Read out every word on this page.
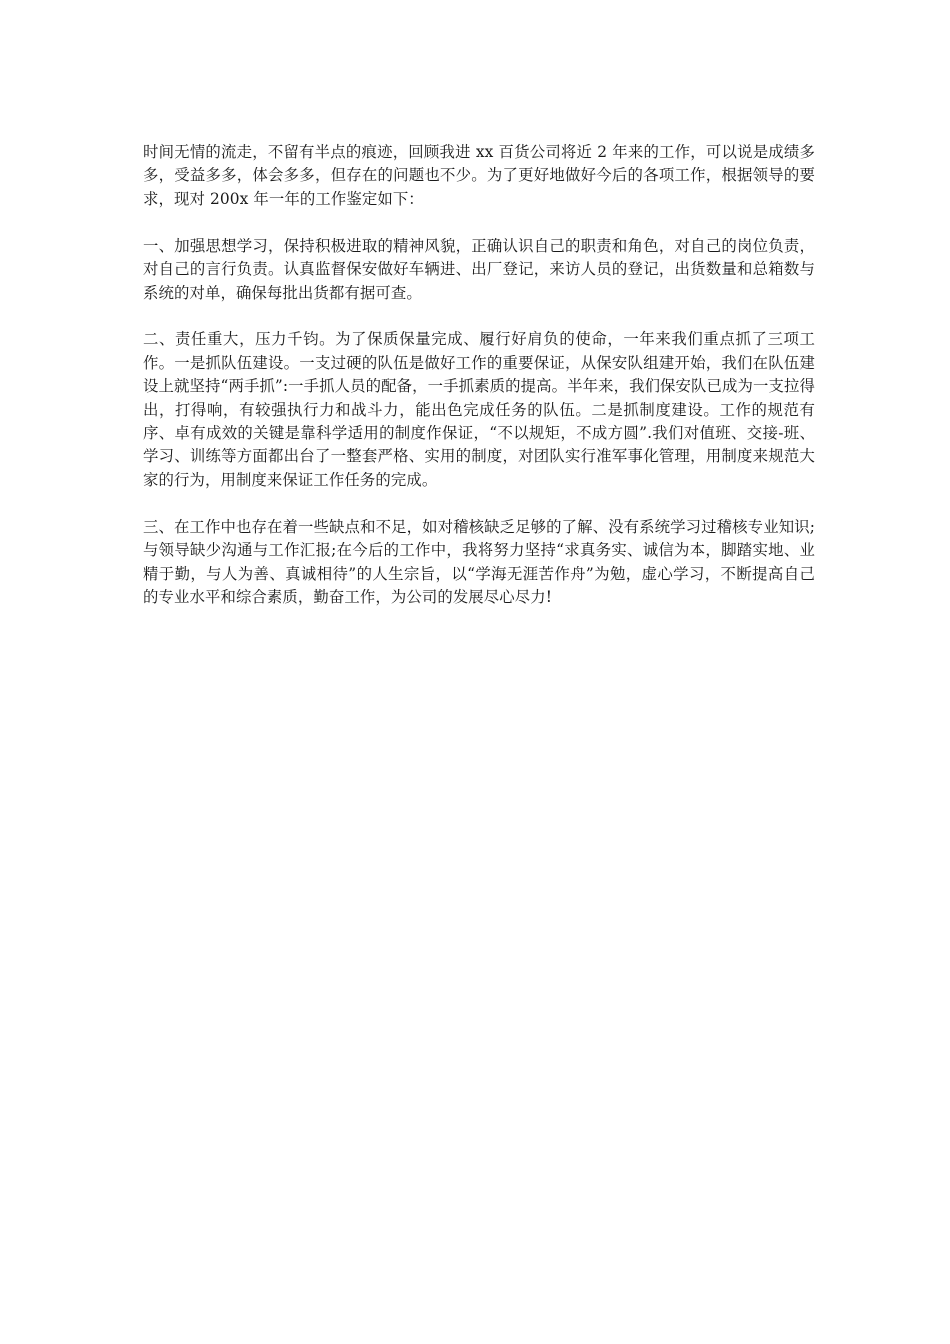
时间无情的流走，不留有半点的痕迹，回顾我进 xx 百货公司将近 2 年来的工作，可以说是成绩多多，受益多多，体会多多，但存在的问题也不少。为了更好地做好今后的各项工作，根据领导的要求，现对 200x 年一年的工作鉴定如下：

一、加强思想学习，保持积极进取的精神风貌，正确认识自己的职责和角色，对自己的岗位负责，对自己的言行负责。认真监督保安做好车辆进、出厂登记，来访人员的登记，出货数量和总箱数与系统的对单，确保每批出货都有据可查。

二、责任重大，压力千钧。为了保质保量完成、履行好肩负的使命，一年来我们重点抓了三项工作。一是抓队伍建设。一支过硬的队伍是做好工作的重要保证，从保安队组建开始，我们在队伍建设上就坚持“两手抓”:一手抓人员的配备，一手抓素质的提高。半年来，我们保安队已成为一支拉得出，打得响，有较强执行力和战斗力，能出色完成任务的队伍。二是抓制度建设。工作的规范有序、卓有成效的关键是靠科学适用的制度作保证，“不以规矩，不成方圆”.我们对值班、交接-班、学习、训练等方面都出台了一整套严格、实用的制度，对团队实行准军事化管理，用制度来规范大家的行为，用制度来保证工作任务的完成。

三、在工作中也存在着一些缺点和不足，如对稽核缺乏足够的了解、没有系统学习过稽核专业知识;与领导缺少沟通与工作汇报;在今后的工作中，我将努力坚持“求真务实、诚信为本，脚踏实地、业精于勤，与人为善、真诚相待”的人生宗旨，以“学海无涯苦作舟”为勉，虚心学习，不断提高自己的专业水平和综合素质，勤奋工作，为公司的发展尽心尽力!
